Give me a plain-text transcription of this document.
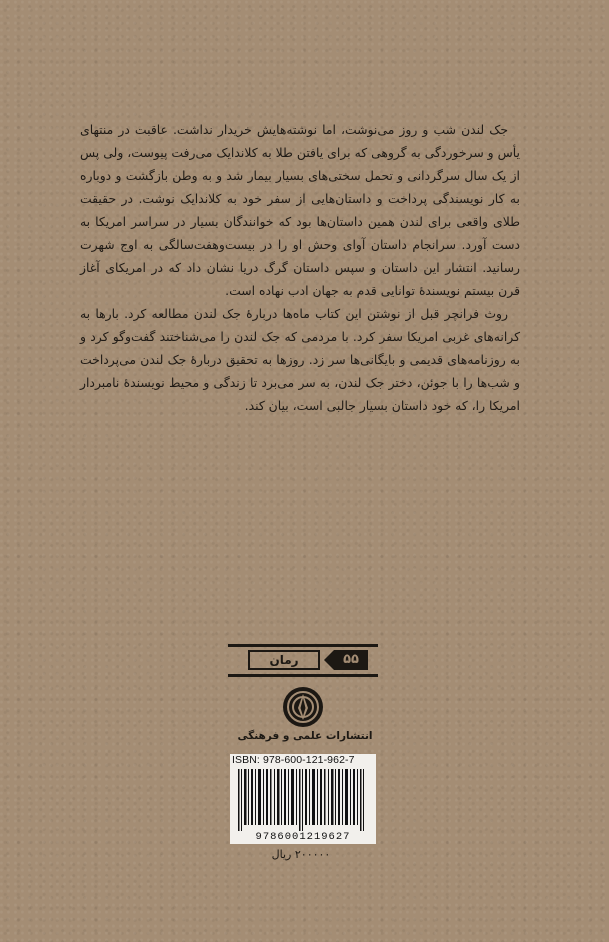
جک لندن شب و روز می‌نوشت، اما نوشته‌هایش خریدار نداشت. عاقبت در منتهای یأس و سرخوردگی به گروهی که برای یافتن طلا به کلاندایک می‌رفت پیوست، ولی پس از یک سال سرگردانی و تحمل سختی‌های بسیار بیمار شد و به وطن بازگشت و دوباره به کار نویسندگی پرداخت و داستان‌هایی از سفر خود به کلاندایک نوشت. در حقیقت طلای واقعی برای لندن همین داستان‌ها بود که خوانندگان بسیار در سراسر امریکا به دست آورد. سرانجام داستان آوای وحش او را در بیست‌وهفت‌سالگی به اوج شهرت رسانید. انتشار این داستان و سپس داستان گرگ دریا نشان داد که در امریکای آغاز قرن بیستم نویسندهٔ توانایی قدم به جهان ادب نهاده است.

روث فرانچر قبل از نوشتن این کتاب ماه‌ها دربارهٔ جک لندن مطالعه کرد. بارها به کرانه‌های غربی امریکا سفر کرد. با مردمی که جک لندن را می‌شناختند گفت‌وگو کرد و به روزنامه‌های قدیمی و بایگانی‌ها سر زد. روزها به تحقیق دربارهٔ جک لندن می‌پرداخت و شب‌ها را با جوئن، دختر جک لندن، به سر می‌برد تا زندگی و محیط نویسندهٔ نامبردار امریکا را، که خود داستان بسیار جالبی است، بیان کند.

۵۵
رمان
انتشارات علمی و فرهنگی
ISBN: 978-600-121-962-7
9786001219627
۲۰۰۰۰۰ ریال
